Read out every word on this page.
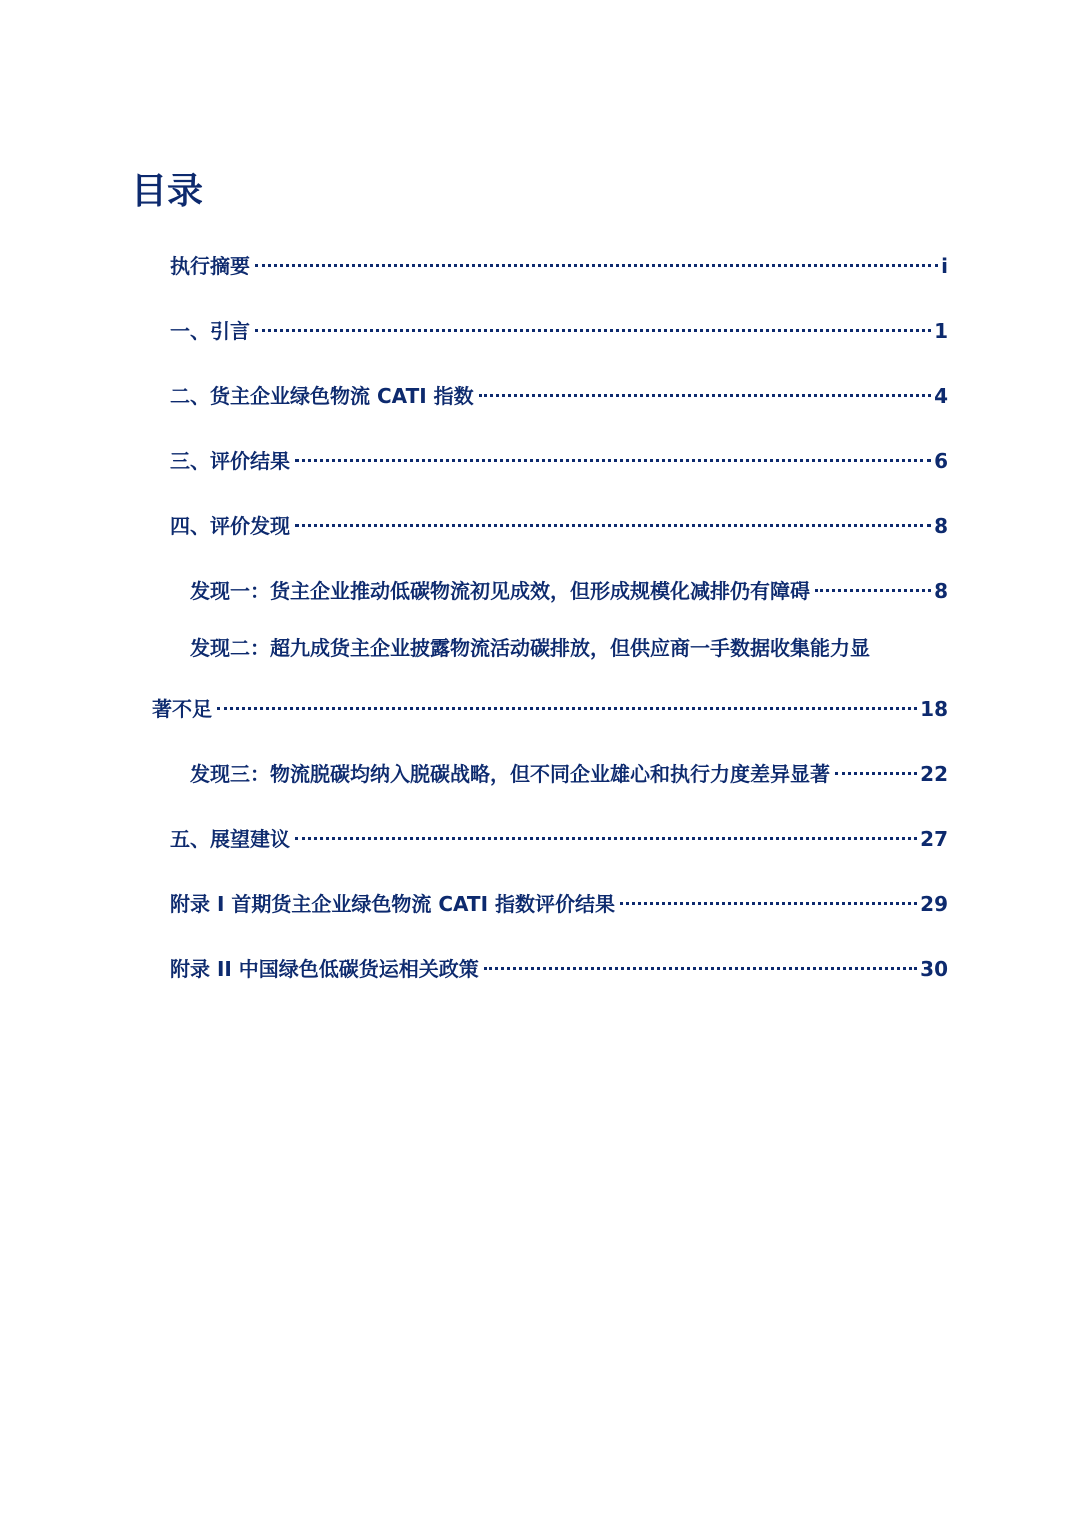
目录
执行摘要	i
一、引言	1
二、货主企业绿色物流 CATI 指数	4
三、评价结果	6
四、评价发现	8
发现一：货主企业推动低碳物流初见成效，但形成规模化减排仍有障碍	8
发现二：超九成货主企业披露物流活动碳排放，但供应商一手数据收集能力显
著不足	18
发现三：物流脱碳均纳入脱碳战略，但不同企业雄心和执行力度差异显著	22
五、展望建议	27
附录 I 首期货主企业绿色物流 CATI 指数评价结果	29
附录 II 中国绿色低碳货运相关政策	30
